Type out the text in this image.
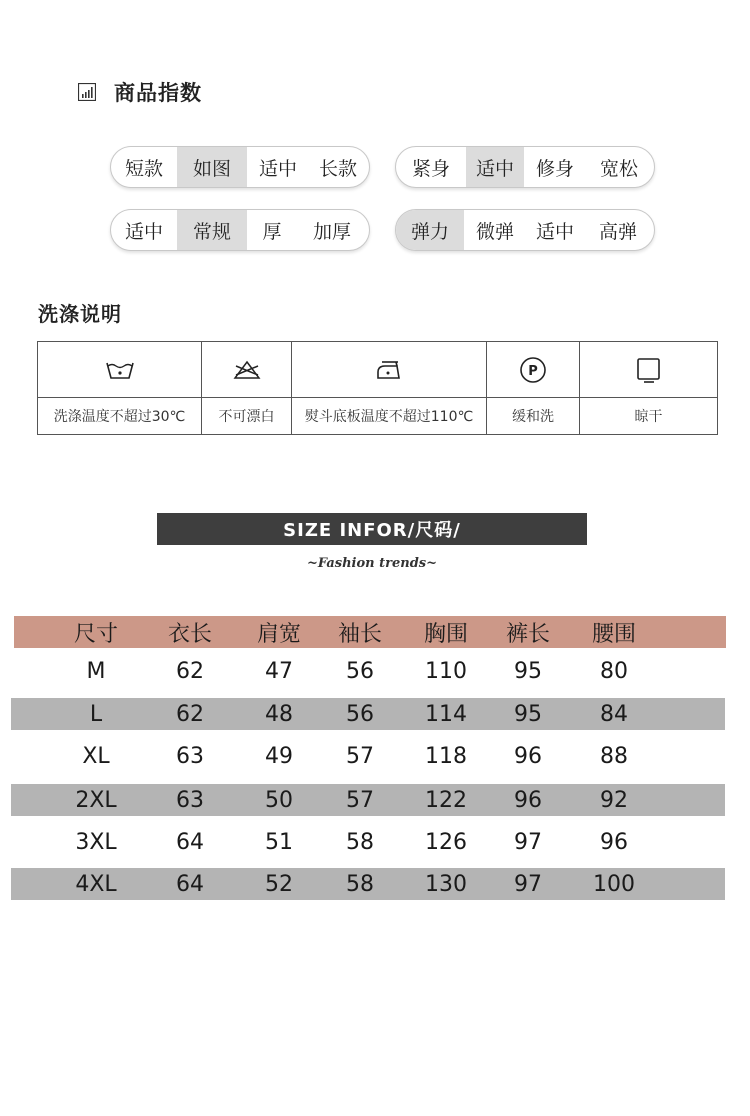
商品指数
短款	如图	适中	长款	紧身	适中	修身	宽松
适中	常规	厚	加厚	弹力	微弹	适中	高弹
洗涤说明

P

洗涤温度不超过30℃	不可漂白	熨斗底板温度不超过110℃	缓和洗	晾干
SIZE INFOR/尺码/
~Fashion trends~
尺寸	衣长	肩宽	袖长	胸围	裤长	腰围
M	62	47	56	110	95	80
L	62	48	56	114	95	84
XL	63	49	57	118	96	88
2XL	63	50	57	122	96	92
3XL	64	51	58	126	97	96
4XL	64	52	58	130	97	100
